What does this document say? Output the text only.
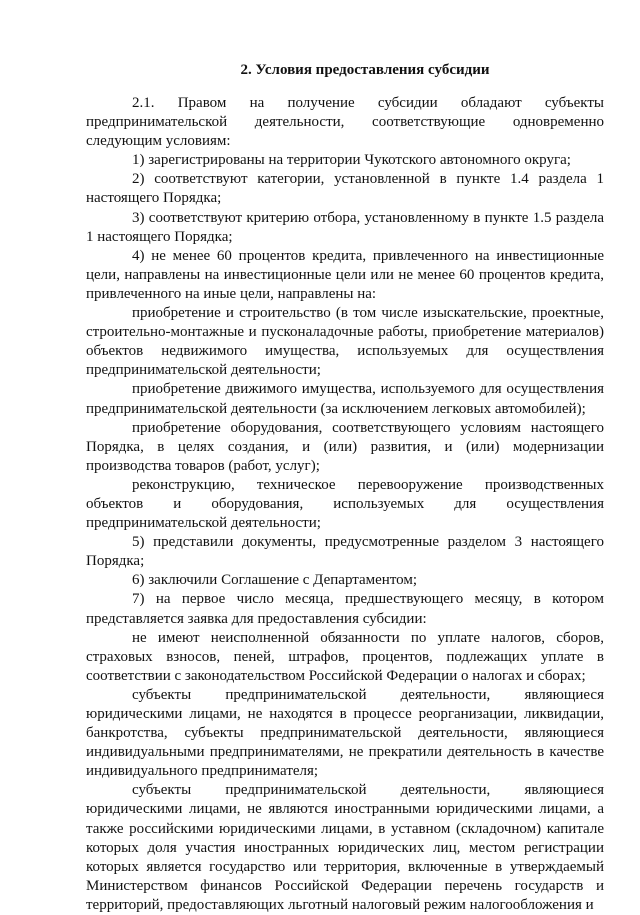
2. Условия предоставления субсидии

2.1. Правом на получение субсидии обладают субъекты предпринимательской деятельности, соответствующие одновременно следующим условиям:

1) зарегистрированы на территории Чукотского автономного округа;

2) соответствуют категории, установленной в пункте 1.4 раздела 1 настоящего Порядка;

3) соответствуют критерию отбора, установленному в пункте 1.5 раздела 1 настоящего Порядка;

4) не менее 60 процентов кредита, привлеченного на инвестиционные цели, направлены на инвестиционные цели или не менее 60 процентов кредита, привлеченного на иные цели, направлены на:

приобретение и строительство (в том числе изыскательские, проектные, строительно-монтажные и пусконаладочные работы, приобретение материалов) объектов недвижимого имущества, используемых для осуществления предпринимательской деятельности;

приобретение движимого имущества, используемого для осуществления предпринимательской деятельности (за исключением легковых автомобилей);

приобретение оборудования, соответствующего условиям настоящего Порядка, в целях создания, и (или) развития, и (или) модернизации производства товаров (работ, услуг);

реконструкцию, техническое перевооружение производственных объектов и оборудования, используемых для осуществления предпринимательской деятельности;

5) представили документы, предусмотренные разделом 3 настоящего Порядка;

6) заключили Соглашение с Департаментом;

7) на первое число месяца, предшествующего месяцу, в котором представляется заявка для предоставления субсидии:

не имеют неисполненной обязанности по уплате налогов, сборов, страховых взносов, пеней, штрафов, процентов, подлежащих уплате в соответствии с законодательством Российской Федерации о налогах и сборах;

субъекты предпринимательской деятельности, являющиеся юридическими лицами, не находятся в процессе реорганизации, ликвидации, банкротства, субъекты предпринимательской деятельности, являющиеся индивидуальными предпринимателями, не прекратили деятельность в качестве индивидуального предпринимателя;

субъекты предпринимательской деятельности, являющиеся юридическими лицами, не являются иностранными юридическими лицами, а также российскими юридическими лицами, в уставном (складочном) капитале которых доля участия иностранных юридических лиц, местом регистрации которых является государство или территория, включенные в утверждаемый Министерством финансов Российской Федерации перечень государств и территорий, предоставляющих льготный налоговый режим налогообложения и
